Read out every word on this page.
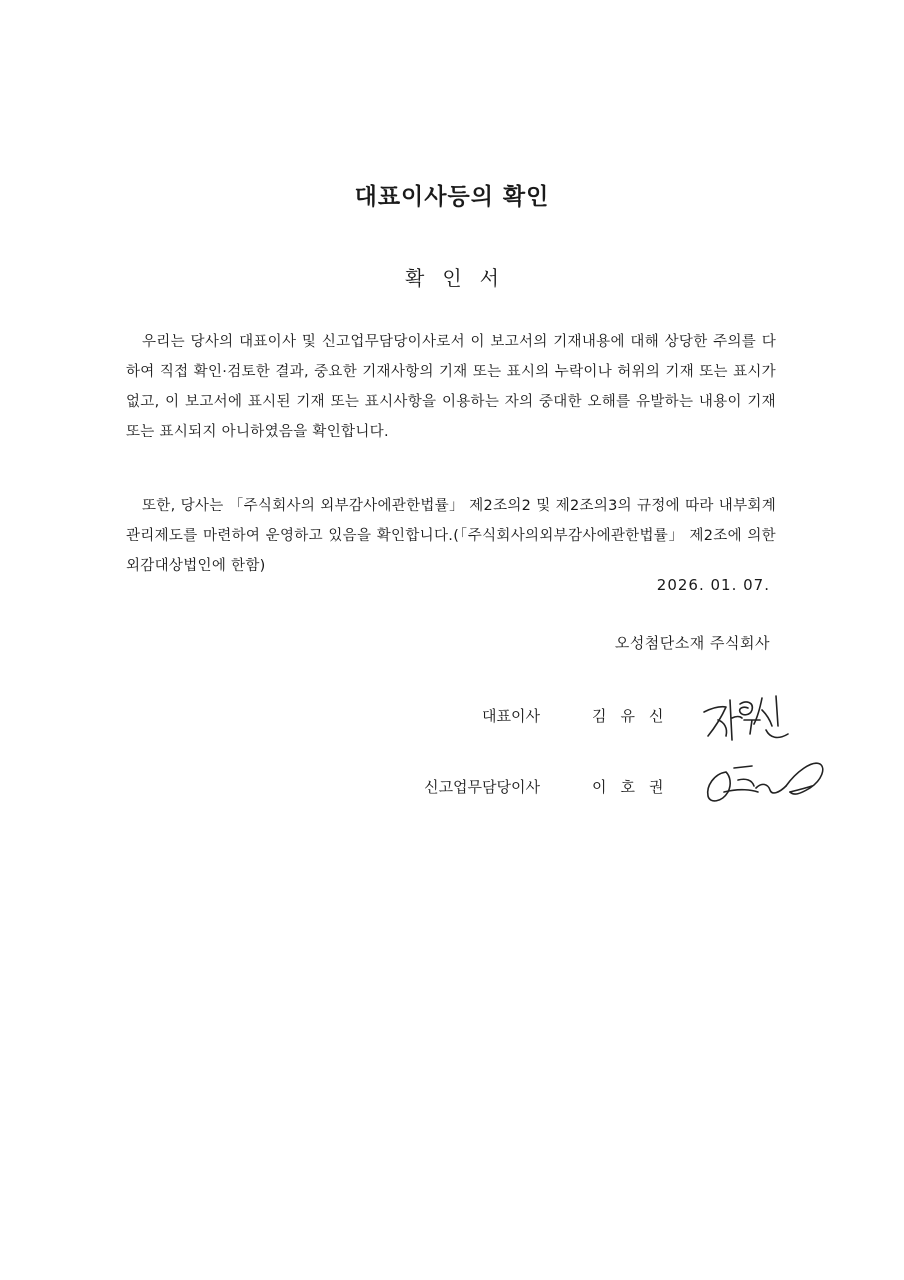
대표이사등의 확인
확인서

우리는 당사의 대표이사 및 신고업무담당이사로서 이 보고서의 기재내용에 대해 상당한 주의를 다하여 직접 확인·검토한 결과, 중요한 기재사항의 기재 또는 표시의 누락이나 허위의 기재 또는 표시가 없고, 이 보고서에 표시된 기재 또는 표시사항을 이용하는 자의 중대한 오해를 유발하는 내용이 기재 또는 표시되지 아니하였음을 확인합니다.

또한, 당사는 「주식회사의 외부감사에관한법률」 제2조의2 및 제2조의3의 규정에 따라 내부회계관리제도를 마련하여 운영하고 있음을 확인합니다.(「주식회사의외부감사에관한법률」 제2조에 의한 외감대상법인에 한함)

2026. 01. 07.
오성첨단소재 주식회사
대표이사	김유신
신고업무담당이사	이호권
